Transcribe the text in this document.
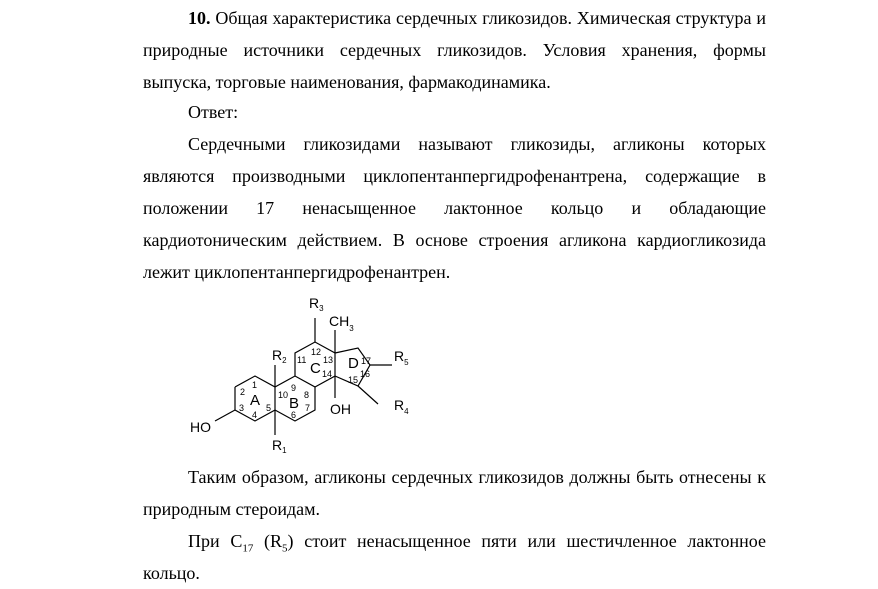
10. Общая характеристика сердечных гликозидов. Химическая структура и природные источники сердечных гликозидов. Условия хранения, формы выпуска, торговые наименования, фармакодинамика.

Ответ:

Сердечными гликозидами называют гликозиды, агликоны которых являются производными циклопентанпергидрофенантрена, содержащие в положении 17 ненасыщенное лактонное кольцо и обладающие кардиотоническим действием. В основе строения агликона кардиогликозида лежит циклопентанпергидрофенантрен.

$R_3$
$CH_3$
$R_2$	$R_5$
$R_4$
$R_1$
HO
OH
A B
C D
1
2
3
4
5
6
7
8
9
10
11
12
13
14
15
16
17

Таким образом, агликоны сердечных гликозидов должны быть отнесены к природным стероидам.

При $C_{17}$ $(R_5)$ стоит ненасыщенное пяти или шестичленное лактонное кольцо.
